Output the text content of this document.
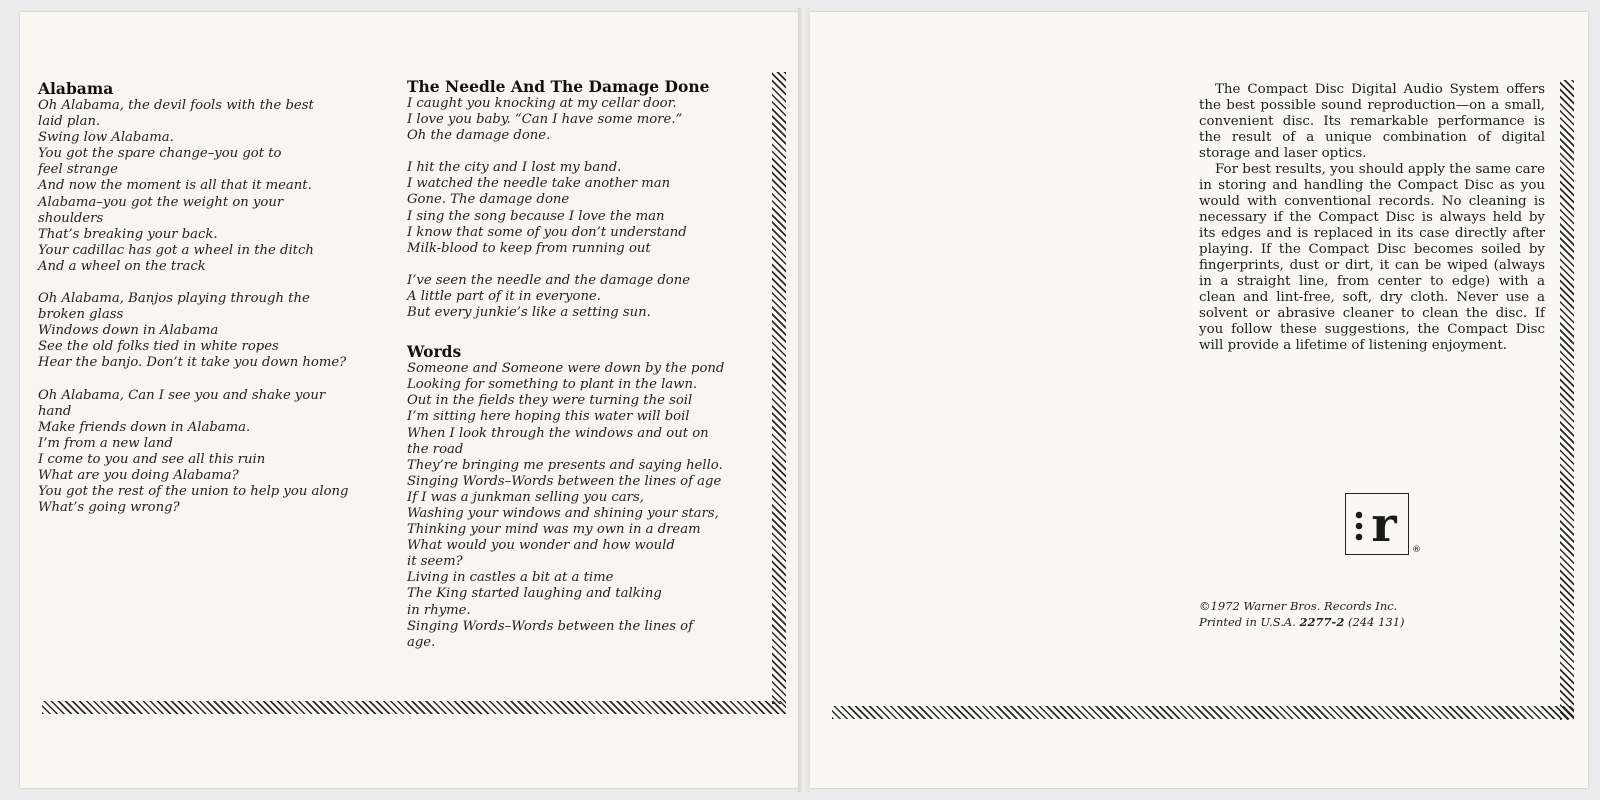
Alabama
Oh Alabama, the devil fools with the best
laid plan.
Swing low Alabama.
You got the spare change–you got to
feel strange
And now the moment is all that it meant.
Alabama–you got the weight on your
shoulders
That’s breaking your back.
Your cadillac has got a wheel in the ditch
And a wheel on the track
Oh Alabama, Banjos playing through the
broken glass
Windows down in Alabama
See the old folks tied in white ropes
Hear the banjo. Don’t it take you down home?
Oh Alabama, Can I see you and shake your
hand
Make friends down in Alabama.
I’m from a new land
I come to you and see all this ruin
What are you doing Alabama?
You got the rest of the union to help you along
What’s going wrong?
The Needle And The Damage Done
I caught you knocking at my cellar door.
I love you baby. “Can I have some more.”
Oh the damage done.
I hit the city and I lost my band.
I watched the needle take another man
Gone. The damage done
I sing the song because I love the man
I know that some of you don’t understand
Milk-blood to keep from running out
I’ve seen the needle and the damage done
A little part of it in everyone.
But every junkie’s like a setting sun.
Words
Someone and Someone were down by the pond
Looking for something to plant in the lawn.
Out in the fields they were turning the soil
I’m sitting here hoping this water will boil
When I look through the windows and out on
the road
They’re bringing me presents and saying hello.
Singing Words–Words between the lines of age
If I was a junkman selling you cars,
Washing your windows and shining your stars,
Thinking your mind was my own in a dream
What would you wonder and how would
it seem?
Living in castles a bit at a time
The King started laughing and talking
in rhyme.
Singing Words–Words between the lines of
age.

The Compact Disc Digital Audio System offers the best possible sound reproduction—on a small, convenient disc. Its remarkable performance is the result of a unique combination of digital storage and laser optics.

For best results, you should apply the same care in storing and handling the Compact Disc as you would with conventional records. No cleaning is necessary if the Compact Disc is always held by its edges and is replaced in its case directly after playing. If the Compact Disc becomes soiled by fingerprints, dust or dirt, it can be wiped (always in a straight line, from center to edge) with a clean and lint-free, soft, dry cloth. Never use a solvent or abrasive cleaner to clean the disc. If you follow these suggestions, the Compact Disc will provide a lifetime of listening enjoyment.

r ®
©1972 Warner Bros. Records Inc.
Printed in U.S.A. 2277-2 (244 131)
